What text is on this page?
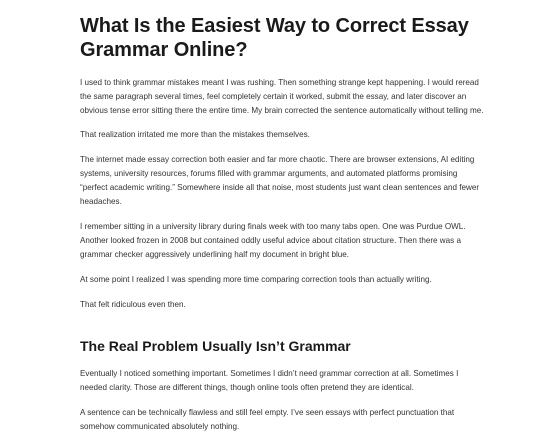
What Is the Easiest Way to Correct Essay
Grammar Online?

I used to think grammar mistakes meant I was rushing. Then something strange kept happening. I would reread
the same paragraph several times, feel completely certain it worked, submit the essay, and later discover an
obvious tense error sitting there the entire time. My brain corrected the sentence automatically without telling me.

That realization irritated me more than the mistakes themselves.

The internet made essay correction both easier and far more chaotic. There are browser extensions, AI editing
systems, university resources, forums filled with grammar arguments, and automated platforms promising
“perfect academic writing.” Somewhere inside all that noise, most students just want clean sentences and fewer
headaches.

I remember sitting in a university library during finals week with too many tabs open. One was Purdue OWL.
Another looked frozen in 2008 but contained oddly useful advice about citation structure. Then there was a
grammar checker aggressively underlining half my document in bright blue.

At some point I realized I was spending more time comparing correction tools than actually writing.

That felt ridiculous even then.

The Real Problem Usually Isn’t Grammar

Eventually I noticed something important. Sometimes I didn’t need grammar correction at all. Sometimes I
needed clarity. Those are different things, though online tools often pretend they are identical.

A sentence can be technically flawless and still feel empty. I’ve seen essays with perfect punctuation that
somehow communicated absolutely nothing.
